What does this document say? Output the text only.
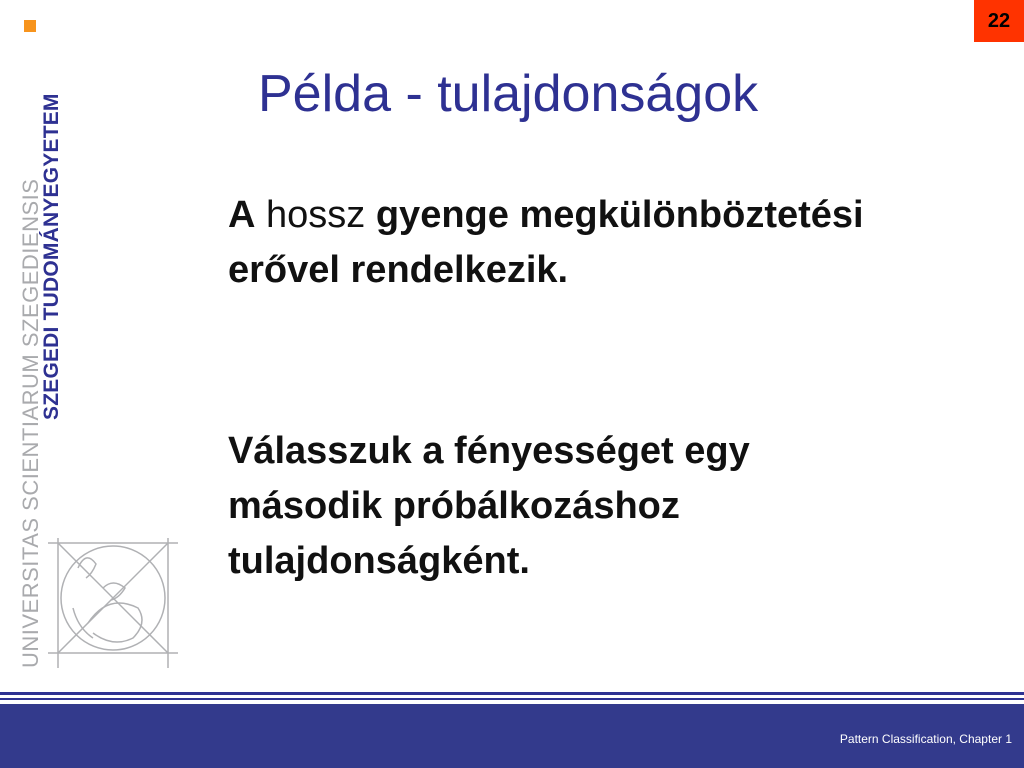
22
SZEGEDI TUDOMÁNYEGYETEM
UNIVERSITAS SCIENTIARUM SZEGEDIENSIS
Példa - tulajdonságok
A hossz gyenge megkülönböztetési erővel rendelkezik.
Válasszuk a fényességet egy második próbálkozáshoz tulajdonságként.
Pattern Classification, Chapter 1
